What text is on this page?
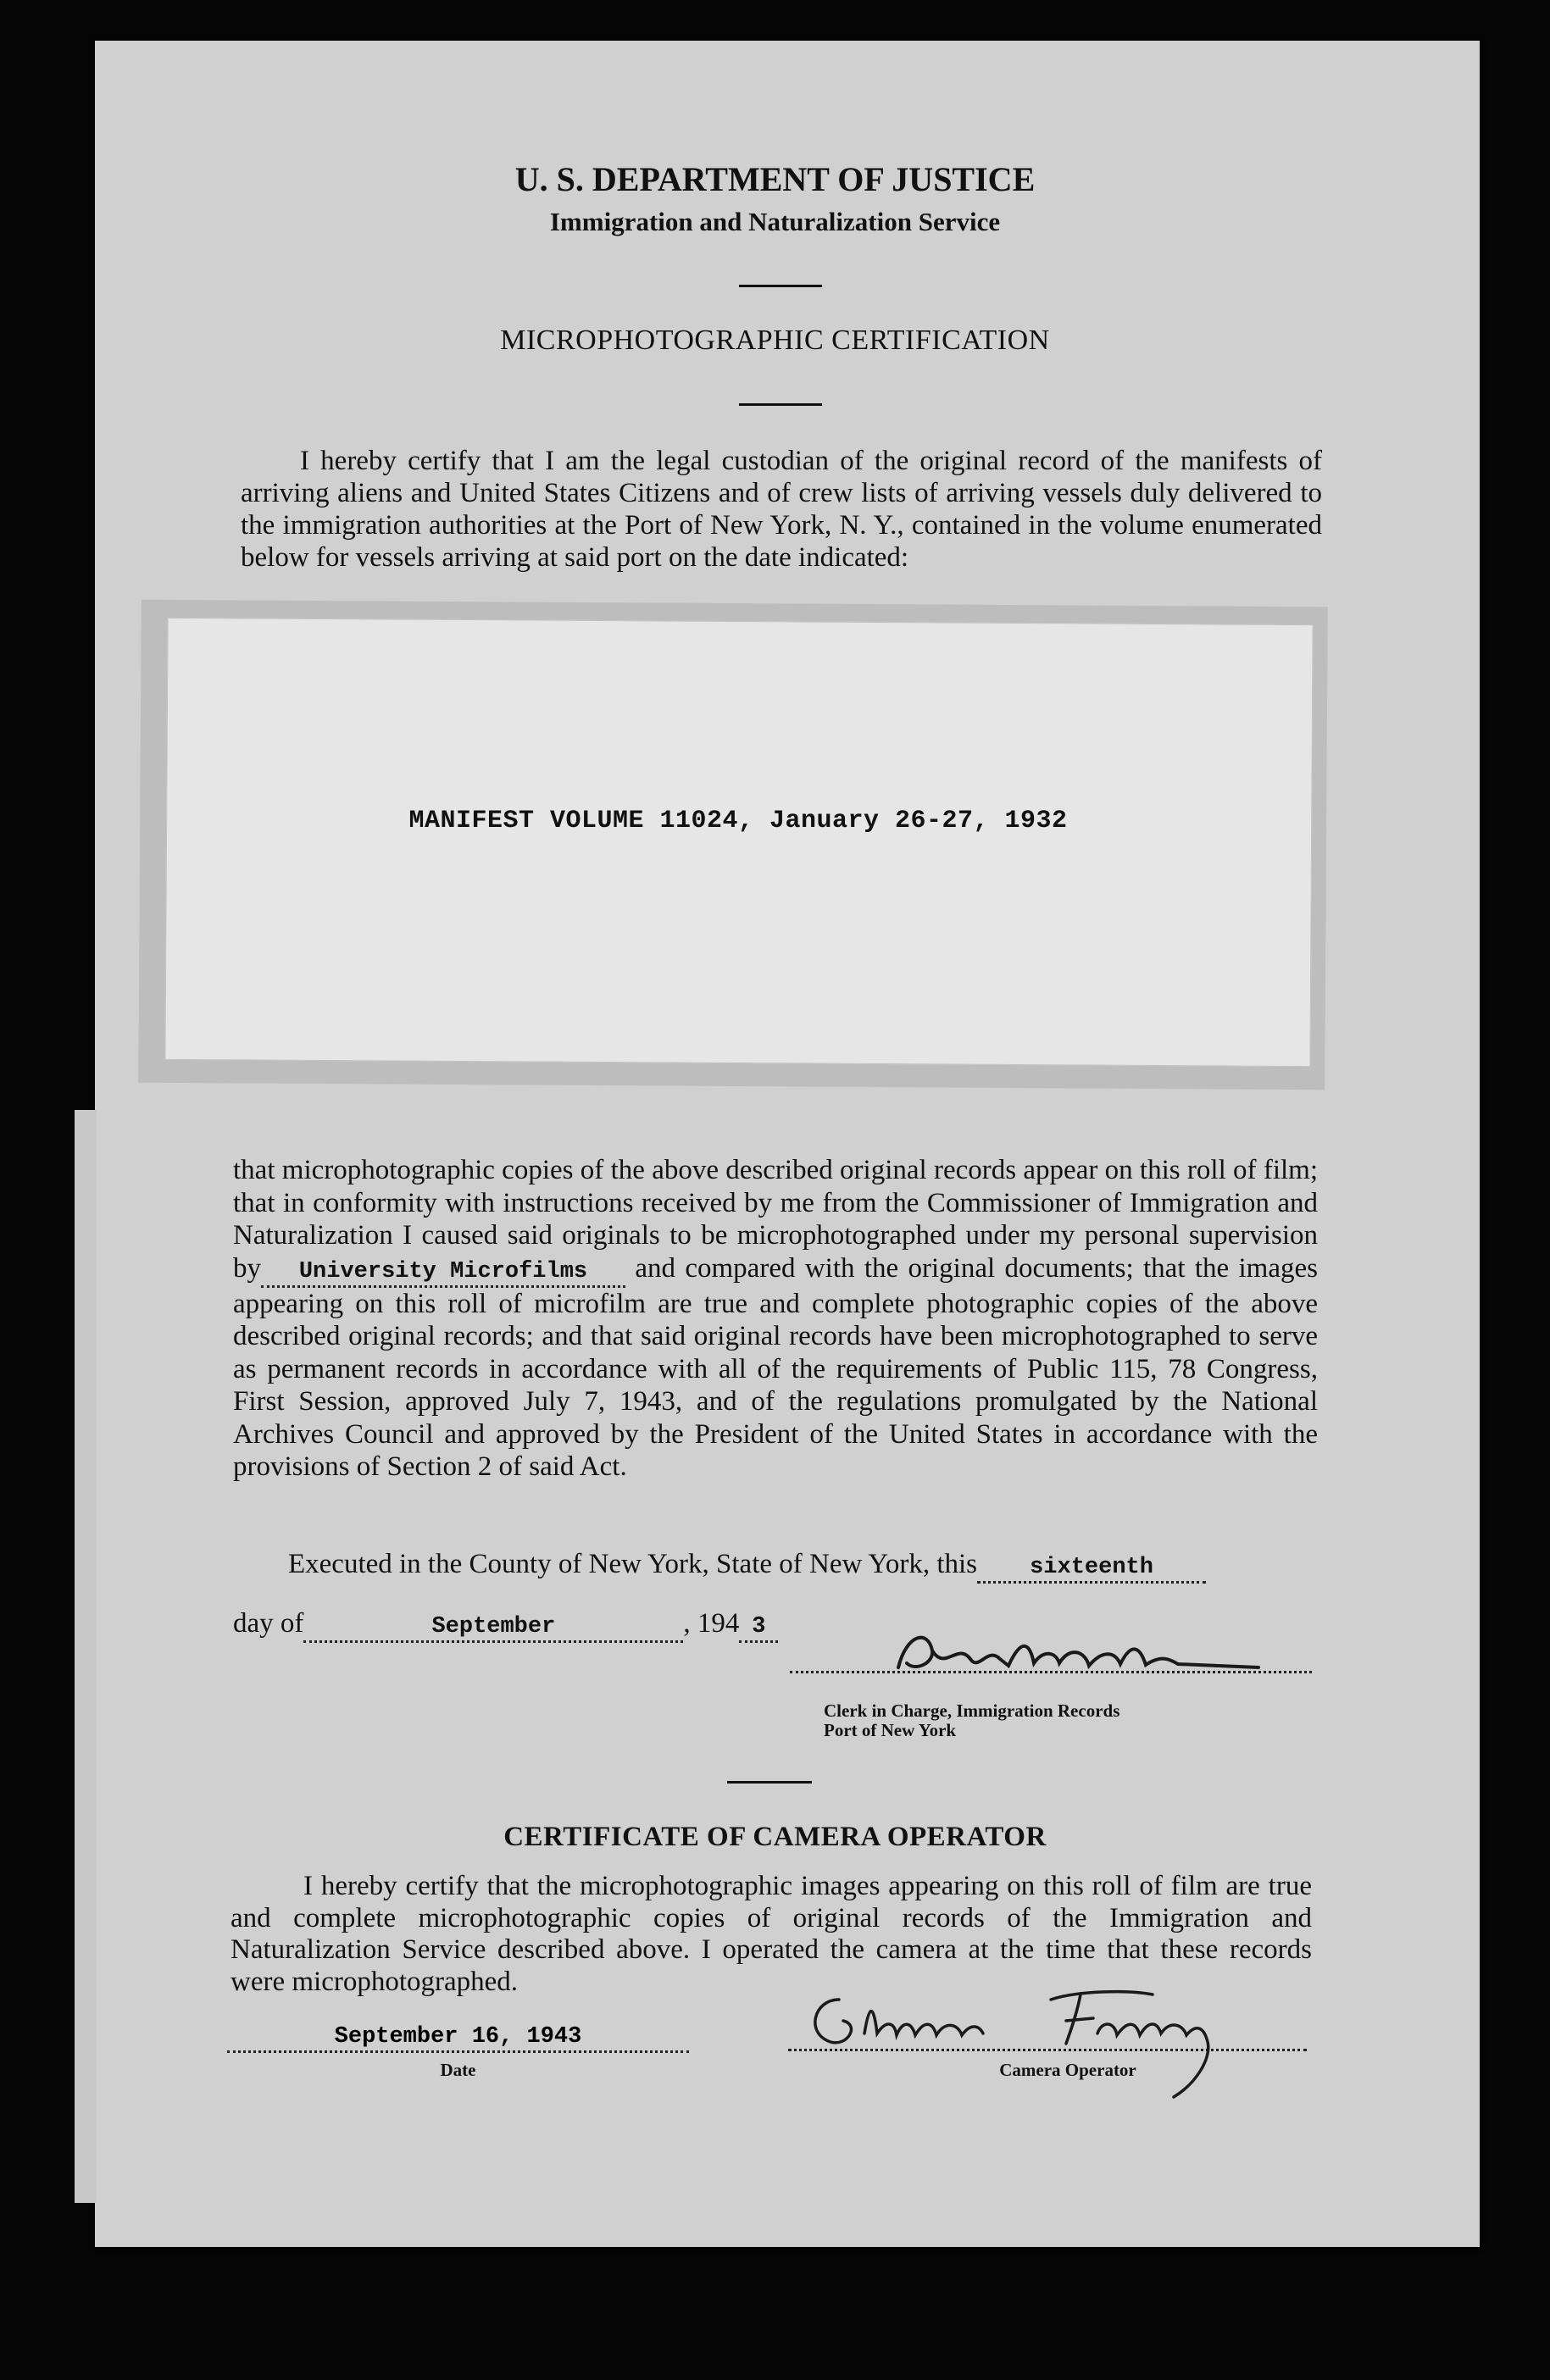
U. S. DEPARTMENT OF JUSTICE
Immigration and Naturalization Service
MICROPHOTOGRAPHIC CERTIFICATION
I hereby certify that I am the legal custodian of the original record of the manifests of arriving aliens and United States Citizens and of crew lists of arriving vessels duly delivered to the immigration authorities at the Port of New York, N. Y., contained in the volume enumerated below for vessels arriving at said port on the date indicated:
MANIFEST VOLUME 11024, January 26-27, 1932
that microphotographic copies of the above described original records appear on this roll of film; that in conformity with instructions received by me from the Commissioner of Immigration and Naturalization I caused said originals to be microphotographed under my personal supervision by University Microfilms and compared with the original documents; that the images appearing on this roll of microfilm are true and complete photographic copies of the above described original records; and that said original records have been microphotographed to serve as permanent records in accordance with all of the requirements of Public 115, 78 Congress, First Session, approved July 7, 1943, and of the regulations promulgated by the National Archives Council and approved by the President of the United States in accordance with the provisions of Section 2 of said Act.
Executed in the County of New York, State of New York, this sixteenth
day of	September	, 194 3
Clerk in Charge, Immigration Records
Port of New York
CERTIFICATE OF CAMERA OPERATOR
I hereby certify that the microphotographic images appearing on this roll of film are true and complete microphotographic copies of original records of the Immigration and Naturalization Service described above. I operated the camera at the time that these records were microphotographed.
September 16, 1943
Date	Camera Operator
